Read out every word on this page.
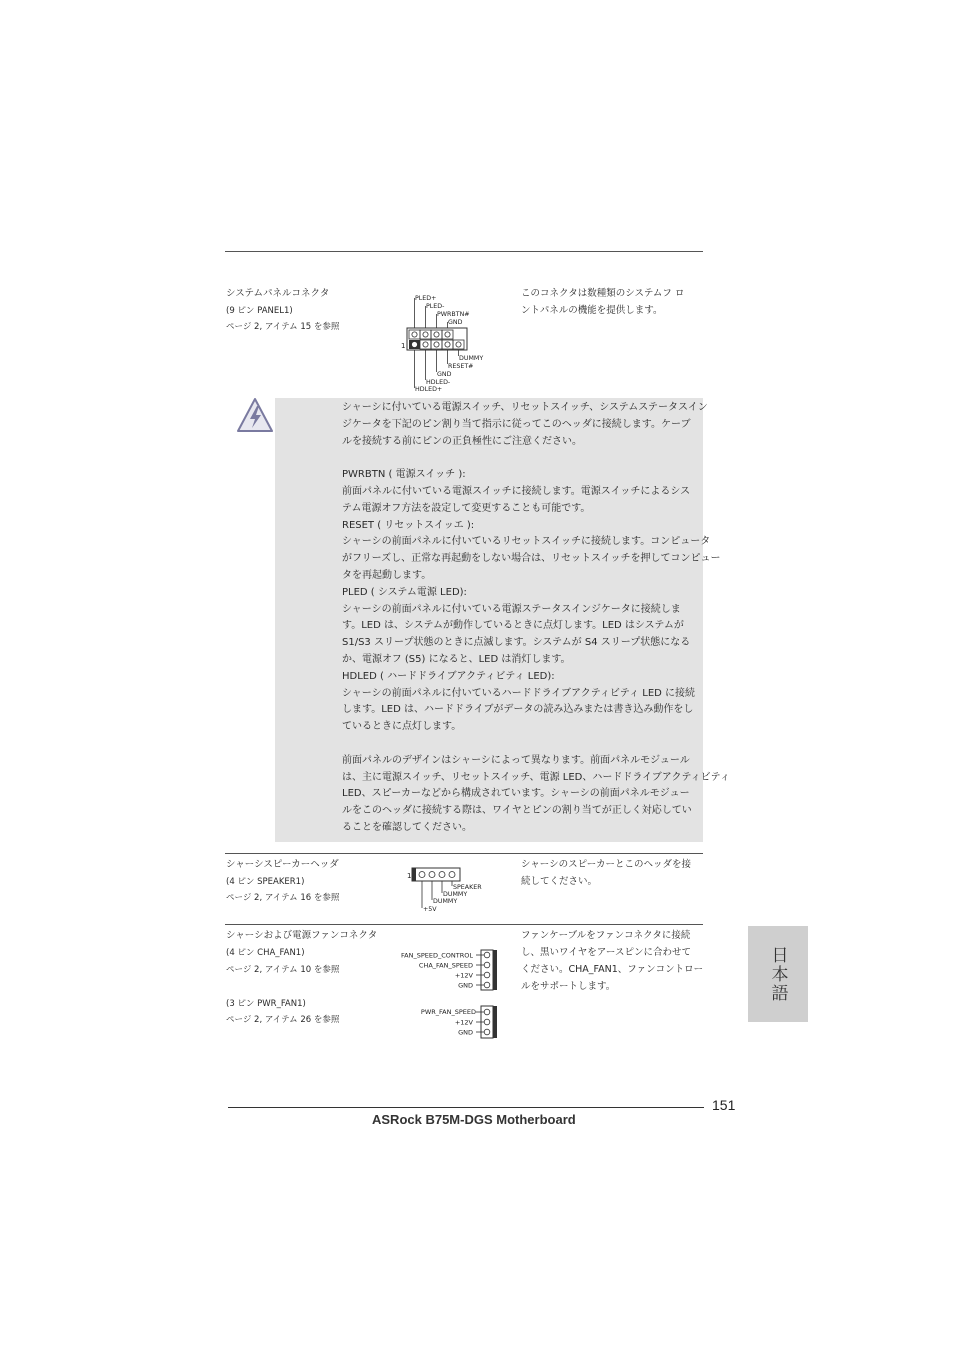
システムパネルコネクタ
(9 ピン PANEL1)
ページ 2, アイテム 15 を参照
このコネクタは数種類のシステムフ ロ
ントパネルの機能を提供します。
1
PLED+
PLED-
PWRBTN#
GND
DUMMY
RESET#
GND
HDLED-
HDLED+
シャーシに付いている電源スイッチ、リセットスイッチ、システムステータスイン
ジケータを下記のピン割り当て指示に従ってこのヘッダに接続します。ケーブ
ルを接続する前にピンの正負極性にご注意ください。
PWRBTN ( 電源スイッチ ):
前面パネルに付いている電源スイッチに接続します。電源スイッチによるシス
テム電源オフ方法を設定して変更することも可能です。
RESET ( リセットスイッエ ):
シャーシの前面パネルに付いているリセットスイッチに接続します。コンピュータ
がフリーズし、正常な再起動をしない場合は、リセットスイッチを押してコンピュー
タを再起動します。
PLED ( システム電源 LED):
シャーシの前面パネルに付いている電源ステータスインジケータに接続しま
す。LED は、システムが動作しているときに点灯します。LED はシステムが
S1/S3 スリープ状態のときに点滅します。システムが S4 スリープ状態になる
か、電源オフ (S5) になると、LED は消灯します。
HDLED ( ハードドライブアクティビティ LED):
シャーシの前面パネルに付いているハードドライブアクティビティ LED に接続
します。LED は、ハードドライブがデータの読み込みまたは書き込み動作をし
ているときに点灯します。
前面パネルのデザインはシャーシによって異なります。前面パネルモジュール
は、主に電源スイッチ、リセットスイッチ、電源 LED、ハードドライブアクティビティ
LED、スピーカーなどから構成されています。シャーシの前面パネルモジュー
ルをこのヘッダに接続する際は、ワイヤとピンの割り当てが正しく対応してい
ることを確認してください。
シャーシスピーカーヘッダ
(4 ピン SPEAKER1)
ページ 2, アイテム 16 を参照
シャーシのスピーカーとこのヘッダを接
続してください。
1
SPEAKER
DUMMY
DUMMY
+5V
シャーシおよび電源ファンコネクタ
(4 ピン CHA_FAN1)
ページ 2, アイテム 10 を参照
(3 ピン PWR_FAN1)
ページ 2, アイテム 26 を参照
ファンケーブルをファンコネクタに接続
し、黒いワイヤをアースピンに合わせて
ください。CHA_FAN1、ファンコントロー
ルをサポートします。
FAN_SPEED_CONTROL
CHA_FAN_SPEED
+12V
GND
PWR_FAN_SPEED
+12V
GND
日本語
151
ASRock B75M-DGS Motherboard
